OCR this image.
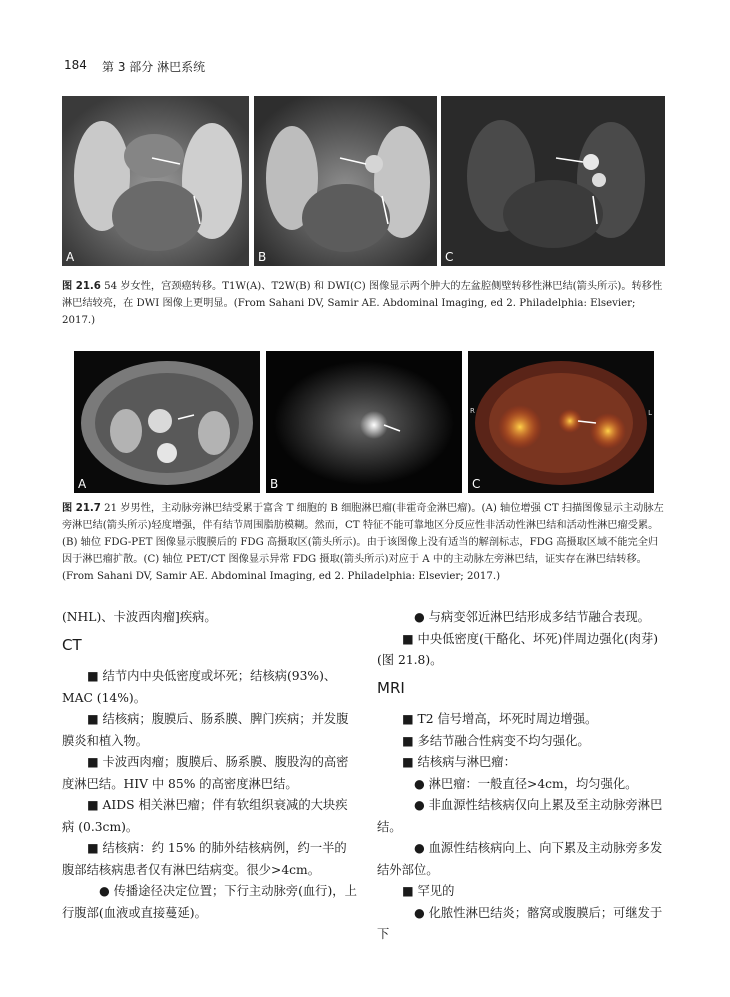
184 第 3 部分 淋巴系统
A	B	C
图 21.6 54 岁女性，宫颈癌转移。T1W(A)、T2W(B) 和 DWI(C) 图像显示两个肿大的左盆腔侧壁转移性淋巴结(箭头所示)。转移性淋巴结较亮，在 DWI 图像上更明显。(From Sahani DV, Samir AE. Abdominal Imaging, ed 2. Philadelphia: Elsevier; 2017.)
A	B
R	L
C
图 21.7 21 岁男性，主动脉旁淋巴结受累于富含 T 细胞的 B 细胞淋巴瘤(非霍奇金淋巴瘤)。(A) 轴位增强 CT 扫描图像显示主动脉左旁淋巴结(箭头所示)轻度增强，伴有结节周围脂肪模糊。然而，CT 特征不能可靠地区分反应性非活动性淋巴结和活动性淋巴瘤受累。(B) 轴位 FDG-PET 图像显示腹膜后的 FDG 高摄取区(箭头所示)。由于该图像上没有适当的解剖标志，FDG 高摄取区域不能完全归因于淋巴瘤扩散。(C) 轴位 PET/CT 图像显示异常 FDG 摄取(箭头所示)对应于 A 中的主动脉左旁淋巴结，证实存在淋巴结转移。(From Sahani DV, Samir AE. Abdominal Imaging, ed 2. Philadelphia: Elsevier; 2017.)

(NHL)、卡波西肉瘤]疾病。

CT

■ 结节内中央低密度或坏死；结核病(93%)、MAC (14%)。

■ 结核病；腹膜后、肠系膜、脾门疾病；并发腹膜炎和植入物。

■ 卡波西肉瘤；腹膜后、肠系膜、腹股沟的高密度淋巴结。HIV 中 85% 的高密度淋巴结。

■ AIDS 相关淋巴瘤；伴有软组织衰减的大块疾病 (0.3cm)。

■ 结核病：约 15% 的肺外结核病例，约一半的腹部结核病患者仅有淋巴结病变。很少>4cm。

● 传播途径决定位置；下行主动脉旁(血行)，上行腹部(血液或直接蔓延)。

● 与病变邻近淋巴结形成多结节融合表现。

■ 中央低密度(干酪化、坏死)伴周边强化(肉芽) (图 21.8)。

MRI

■ T2 信号增高，坏死时周边增强。

■ 多结节融合性病变不均匀强化。

■ 结核病与淋巴瘤：

● 淋巴瘤：一般直径>4cm，均匀强化。

● 非血源性结核病仅向上累及至主动脉旁淋巴结。

● 血源性结核病向上、向下累及主动脉旁多发结外部位。

■ 罕见的

● 化脓性淋巴结炎；髂窝或腹膜后；可继发于下
